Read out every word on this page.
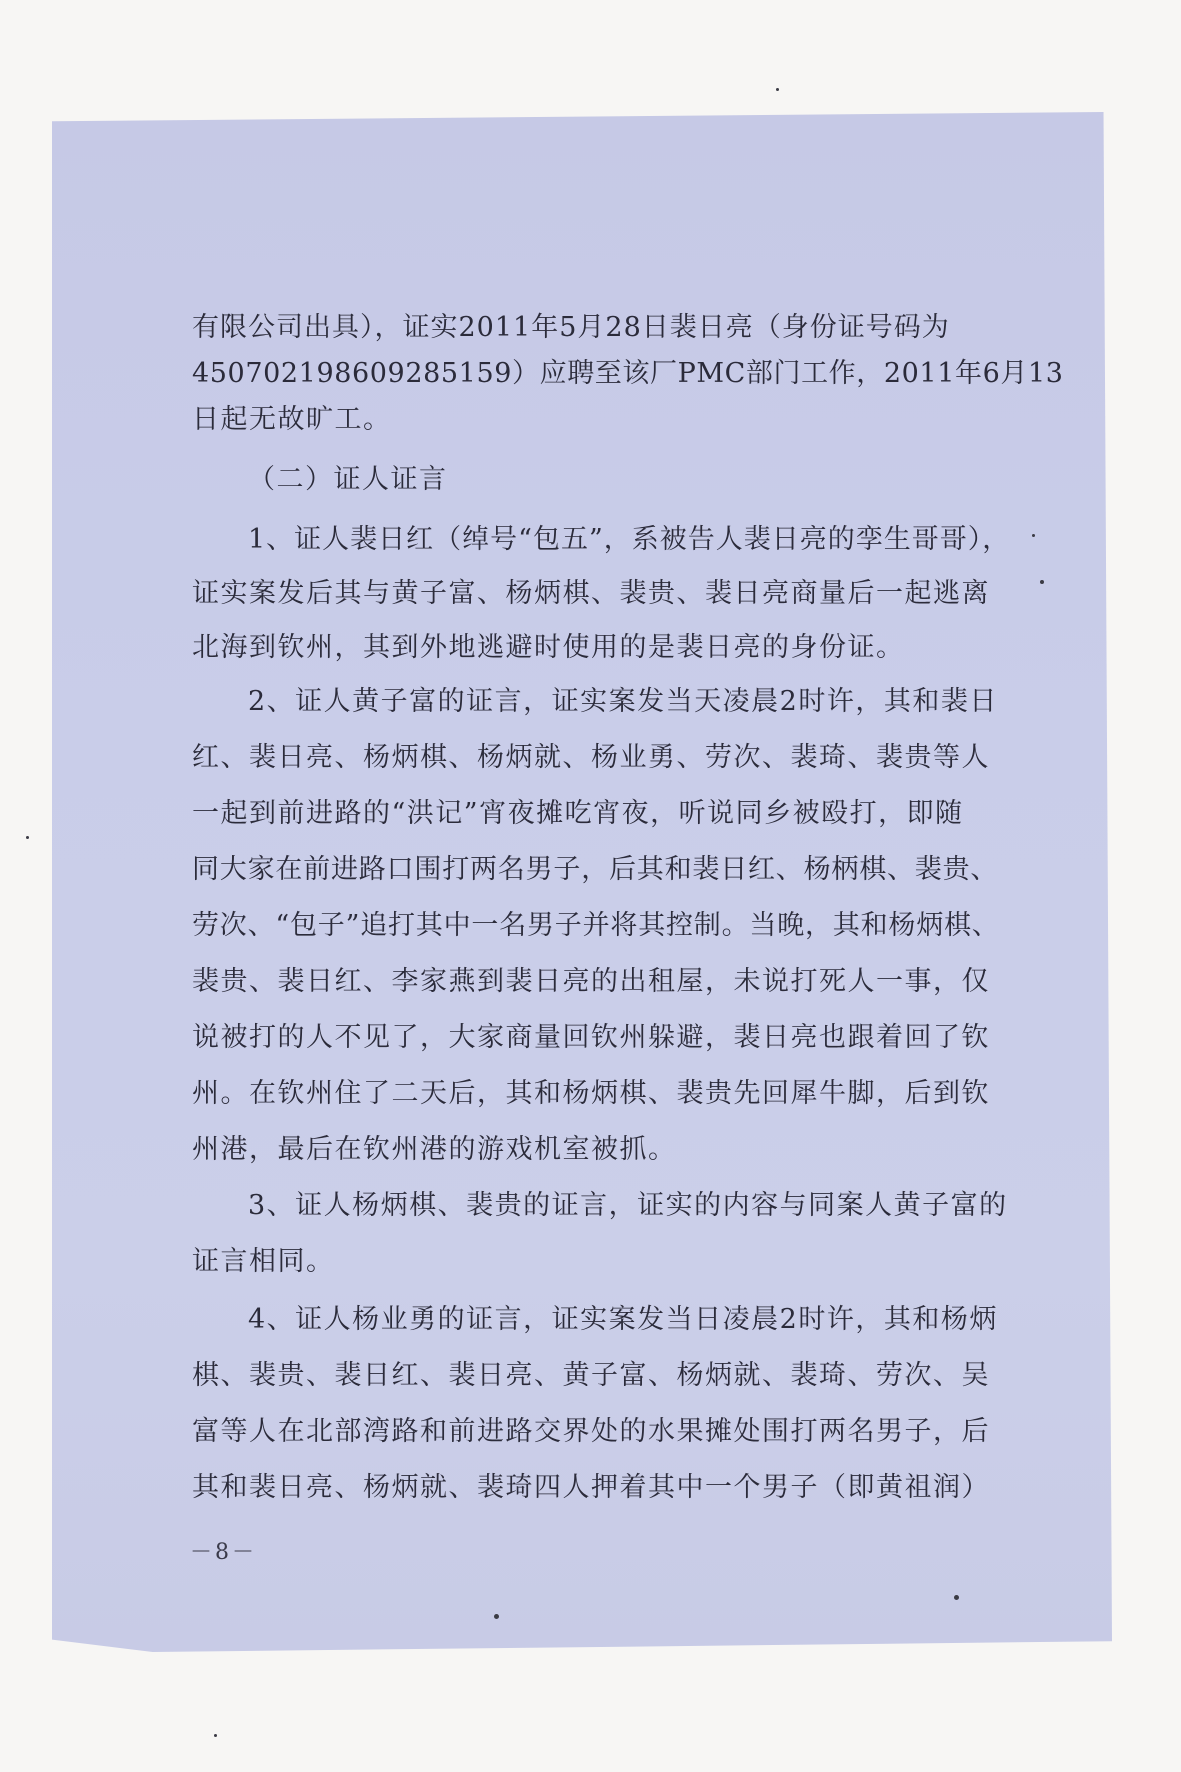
有限公司出具），证实2011年5月28日裴日亮（身份证号码为
450702198609285159）应聘至该厂PMC部门工作，2011年6月13
日起无故旷工。
（二）证人证言
1、证人裴日红（绰号“包五”，系被告人裴日亮的孪生哥哥），
证实案发后其与黄子富、杨炳棋、裴贵、裴日亮商量后一起逃离
北海到钦州，其到外地逃避时使用的是裴日亮的身份证。
2、证人黄子富的证言，证实案发当天凌晨2时许，其和裴日
红、裴日亮、杨炳棋、杨炳就、杨业勇、劳次、裴琦、裴贵等人
一起到前进路的“洪记”宵夜摊吃宵夜，听说同乡被殴打，即随
同大家在前进路口围打两名男子，后其和裴日红、杨柄棋、裴贵、
劳次、“包子”追打其中一名男子并将其控制。当晚，其和杨炳棋、
裴贵、裴日红、李家燕到裴日亮的出租屋，未说打死人一事，仅
说被打的人不见了，大家商量回钦州躲避，裴日亮也跟着回了钦
州。在钦州住了二天后，其和杨炳棋、裴贵先回犀牛脚，后到钦
州港，最后在钦州港的游戏机室被抓。
3、证人杨炳棋、裴贵的证言，证实的内容与同案人黄子富的
证言相同。
4、证人杨业勇的证言，证实案发当日凌晨2时许，其和杨炳
棋、裴贵、裴日红、裴日亮、黄子富、杨炳就、裴琦、劳次、吴
富等人在北部湾路和前进路交界处的水果摊处围打两名男子，后
其和裴日亮、杨炳就、裴琦四人押着其中一个男子（即黄祖润）
－8－
